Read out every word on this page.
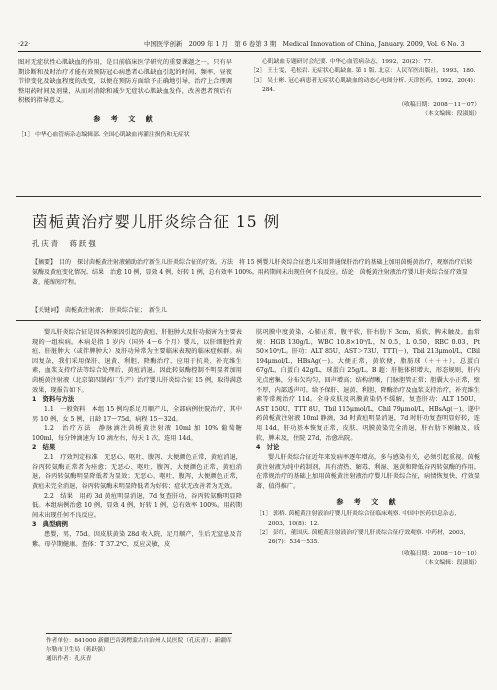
·22·	中国医学创新　2009 年 1 月　第 6 卷第 3 期　Medical Innovation of China, January. 2009, Vol. 6 No. 3

图对无症状性心肌缺血的作用，是目前临床医学研究的重要课题之一。只有早期诊断和及时治疗才能有效预防冠心病患者心肌缺血引起的时间、频率、昼夜节律变化及缺血程度的改变，以便在预防方面给予正确地引导，治疗上合理调整用药时间及剂量，从而对消除和减少无症状心肌缺血发作，改善患者预后有积极的指导意义。

参 考 文 献

［1］ 中华心血管病杂志编辑部. 全国心肌缺血再灌注损伤和无症状

心肌缺血专题研讨会纪要. 中华心血管病杂志，1992，20(2)：77.

［2］ 王士雯，毛松岩. 无症状心肌缺血. 第 1 版. 北京：人民军医出版社，1993，180.

［3］ 吴士彬. 冠心病患者无症状心肌缺血的动态心电图分析. 天津医药，1992，20(4)：284.

（收稿日期：2008－11－07）
（本文编辑：段淑娟）
茵栀黄治疗婴儿肝炎综合征 15 例
孔庆青　蒋跃强
【摘要】　目的　探讨茵栀黄注射液辅助治疗新生儿肝炎综合征的疗效。方法　将 15 例婴儿肝炎综合征患儿采用普通保肝治疗的基础上加用茵栀黄治疗，观察治疗后转氨酶及黄疸变化情况。结果　治愈 10 例，显效 4 例，好转 1 例，总有效率 100%。用药期间未出现任何不良反应。结论　茵栀黄注射液治疗婴儿肝炎综合征疗效显著，能缩短疗程。
【关键词】　茵栀黄注射液；　肝炎综合征；　新生儿

婴儿肝炎综合征是因各种原因引起的黄疸、肝脏肿大及肝功损害为主要表现的一组疾病。本病是指 1 岁内（国外 4～6 个月）婴儿，以肝细胞性黄疸、肝脏肿大（或伴脾肿大）及肝功异常为主要临床表现的临床症候群。病因复杂，我们采用保肝、退黄、利胆、降酶治疗，应用于抗炎、补充维生素，血浆支持疗法等综合处理后，黄疸消退。因此转氨酶控制不明显者加用茵栀黄注射液（北京第四制药厂生产）治疗婴儿肝炎综合征 15 例，取得满意效果，现报告如下。

1　资料与方法

1.1　一般资料　本组 15 例均系足月顺产儿，全部病例住院治疗，其中男 10 例，女 5 例，日龄 17～75d，病程 15～32d。

1.2　治疗方法　静脉滴注茵栀黄注射液 10ml 加 10% 葡萄糖 100ml，每分钟滴速为 10 滴左右，每天 1 次，连用 14d。

2　结果

2.1　疗效判定标准　无恶心、呕吐、腹泻、大便颜色正常，黄疸消退，谷丙转氨酶正常者为痊愈；无恶心、呕吐、腹泻，大便颜色正常，黄疸消退，谷丙转氨酶明显降低者为显效；无恶心、呕吐、腹泻，大便颜色正常，黄疸未完全消退，谷丙转氨酶未明显降低者为好转；症状无改善者为无效。

2.2　结果　用药 3d 黄疸明显消退，7d 复查肝功，谷丙转氨酶明显降低。本组病例治愈 10 例，显效 4 例，好转 1 例，总有效率 100%。用药期间未出现任何不良反应。

3　典型病例

患婴，男，75d。因皮肤黄染 28d 收入院，足月顺产，生后无窒息及青紫。母孕期健康。查体：T 37.2℃，反应灵敏，皮

肤巩膜中度黄染，心肺正常，腹平软，肝右肋下 3cm，质软，脾未触及。血常规：HGB 130g/L，WBC 10.8×10⁹/L，N 0.5，L 0.50，RBC 0.03，Pt 50×10⁹/L。肝功：ALT 85U，AST＞73U，TTT(－)，Tbil 213μmol/L，CBil 194μmol/L，HBsAg(－)。大便正常，黄软便，脂肪球（＋＋＋），总蛋白 67g/L，白蛋白 42g/L，球蛋白 25g/L。B 超：肝脏体积增大，形态规则，肝内光点密集，分布欠均匀，回声增高；结构清晰，门脉胆管正常；胆囊大小正常，壁不厚，内部透声可。给予保肝、退黄、利胆、降酶治疗及血浆支持治疗，补充维生素等常规治疗 11d。全身皮肤及巩膜黄染仍不缓解，复查肝功：ALT 150U，AST 150U，TTT 8U，Tbil 115μmol/L，Chil 79μmol/L，HBsAg(－)。遂中药茵栀黄注射液 10ml 静滴，3d 时黄疸明显消退，7d 时肝功复查明显好转，连用 14d，肝功基本恢复正常，皮肤、巩膜黄染完全消退，肝右肋下刚触及，质软，脾未及，住院 27d，治愈出院。

4　讨论

婴儿肝炎综合征近年来发病率逐年增高，多与感染有关，必须引起重视。茵栀黄注射液为纯中药制剂，具有清热、解毒、利湿、退黄和降低谷丙转氨酶的作用。在常规治疗的基础上加用茵栀黄注射液治疗婴儿肝炎综合征，病情恢复快，疗效显著，值得推广。

参 考 文 献

［1］ 郭桥. 茵栀黄注射液治疗婴儿肝炎综合征临床观察. 中国中医药信息杂志，2003，10(8)：12.

［2］ 彭红，董国庆. 茵栀黄注射液治疗婴儿肝炎综合征疗效观察. 中药材，2003，26(7)：534－535.

（收稿日期：2008－10－10）
（本文编辑：段淑娟）

作者单位：841000 新疆巴音郭楞蒙古自治州人民医院（孔庆青）；新疆库尔勒市卫生局（蒋跃强）

通讯作者：孔庆青
